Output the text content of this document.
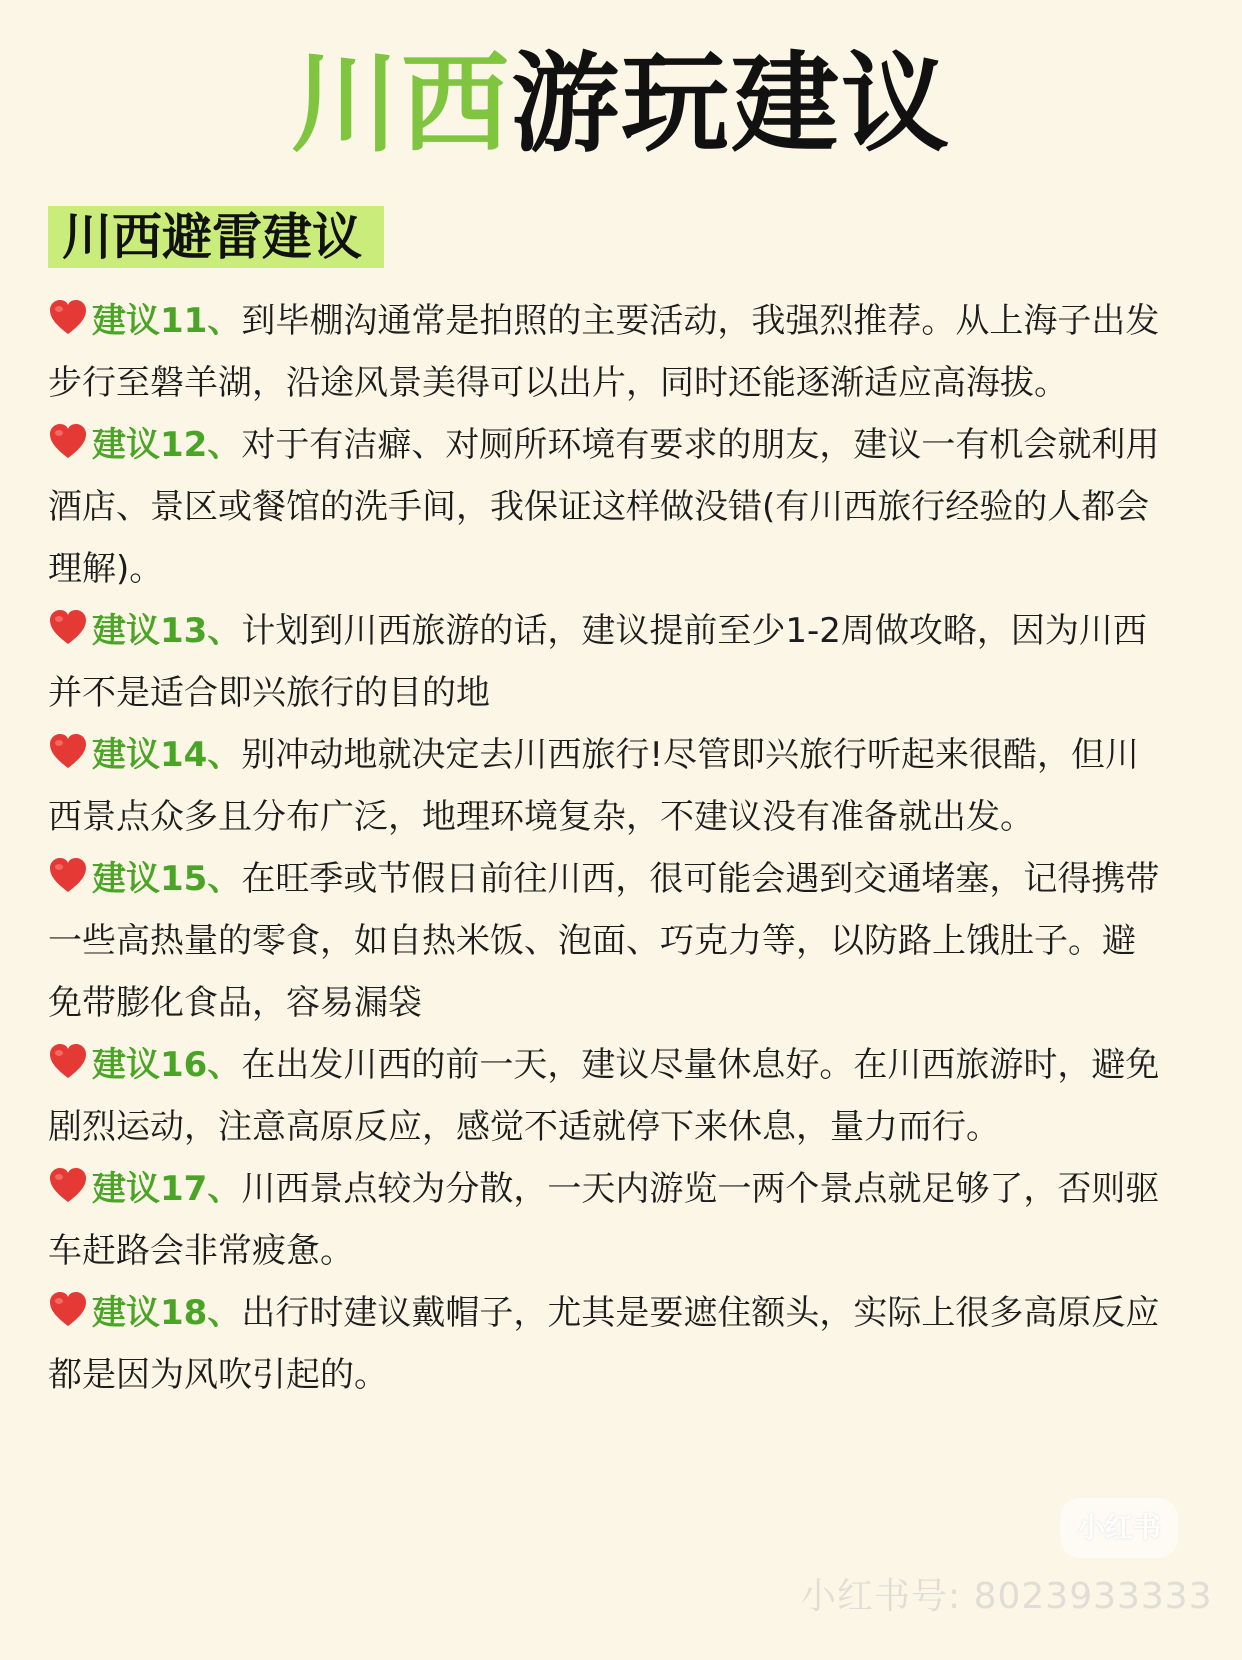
川西游玩建议
川西避雷建议
建议11、到毕棚沟通常是拍照的主要活动，我强烈推荐。从上海子出发步行至磐羊湖，沿途风景美得可以出片，同时还能逐渐适应高海拔。
建议12、对于有洁癖、对厕所环境有要求的朋友，建议一有机会就利用酒店、景区或餐馆的洗手间，我保证这样做没错(有川西旅行经验的人都会理解)。
建议13、计划到川西旅游的话，建议提前至少1-2周做攻略，因为川西并不是适合即兴旅行的目的地
建议14、别冲动地就决定去川西旅行!尽管即兴旅行听起来很酷，但川西景点众多且分布广泛，地理环境复杂，不建议没有准备就出发。
建议15、在旺季或节假日前往川西，很可能会遇到交通堵塞，记得携带一些高热量的零食，如自热米饭、泡面、巧克力等，以防路上饿肚子。避免带膨化食品，容易漏袋
建议16、在出发川西的前一天，建议尽量休息好。在川西旅游时，避免剧烈运动，注意高原反应，感觉不适就停下来休息，量力而行。
建议17、川西景点较为分散，一天内游览一两个景点就足够了，否则驱车赶路会非常疲惫。
建议18、出行时建议戴帽子，尤其是要遮住额头，实际上很多高原反应都是因为风吹引起的。
小红书
小红书号: 8023933333
